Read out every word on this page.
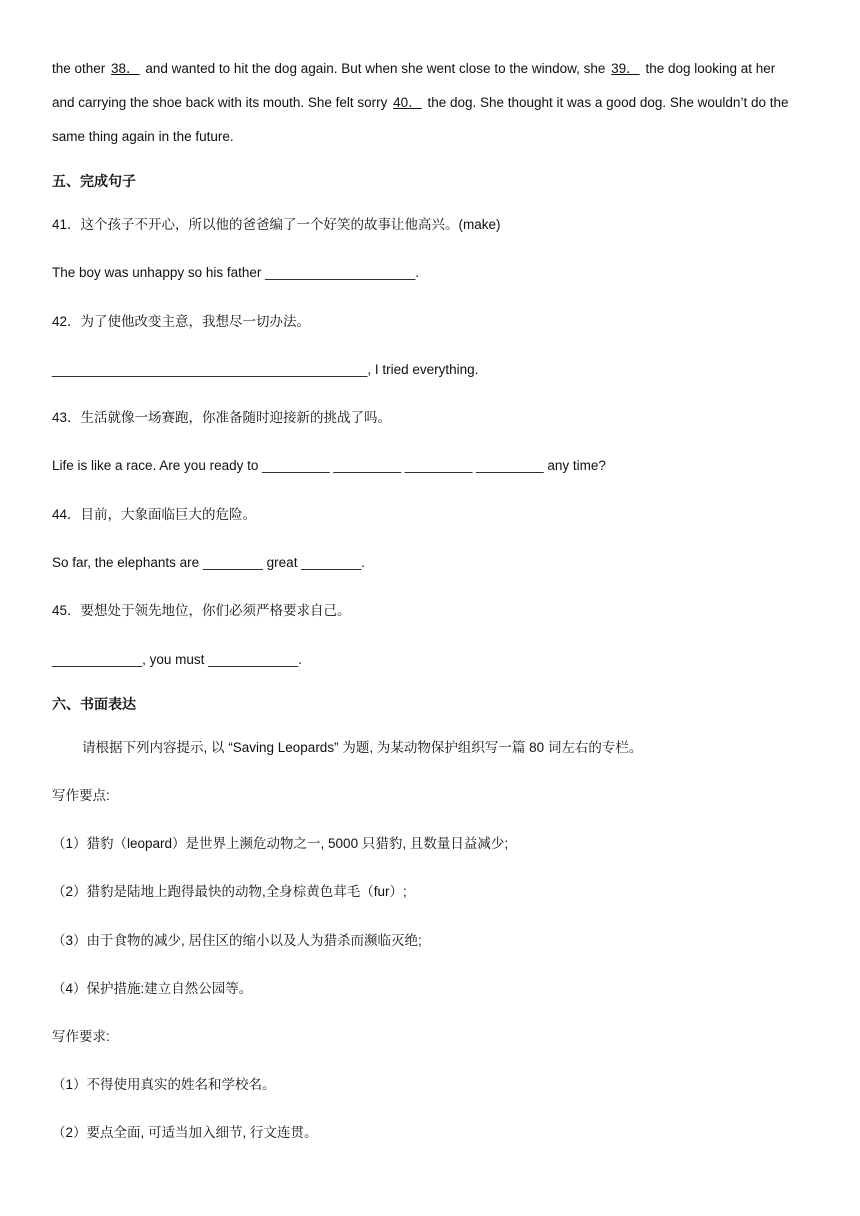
the other 38． and wanted to hit the dog again. But when she went close to the window, she 39． the dog looking at her
and carrying the shoe back with its mouth. She felt sorry 40． the dog. She thought it was a good dog. She wouldn’t do the
same thing again in the future.
五、完成句子
41．这个孩子不开心，所以他的爸爸编了一个好笑的故事让他高兴。(make)
The boy was unhappy so his father ____________________.
42．为了使他改变主意，我想尽一切办法。
__________________________________________, I tried everything.
43．生活就像一场赛跑，你准备随时迎接新的挑战了吗。
Life is like a race. Are you ready to _________ _________ _________ _________ any time?
44．目前，大象面临巨大的危险。
So far, the elephants are ________ great ________.
45．要想处于领先地位，你们必须严格要求自己。
____________, you must ____________.
六、书面表达
请根据下列内容提示, 以 “Saving Leopards” 为题, 为某动物保护组织写一篇 80 词左右的专栏。
写作要点:
（1）猎豹（leopard）是世界上濒危动物之一, 5000 只猎豹, 且数量日益减少;
（2）猎豹是陆地上跑得最快的动物,全身棕黄色茸毛（fur）;
（3）由于食物的减少, 居住区的缩小以及人为猎杀而濒临灭绝;
（4）保护措施:建立自然公园等。
写作要求:
（1）不得使用真实的姓名和学校名。
（2）要点全面, 可适当加入细节, 行文连贯。
